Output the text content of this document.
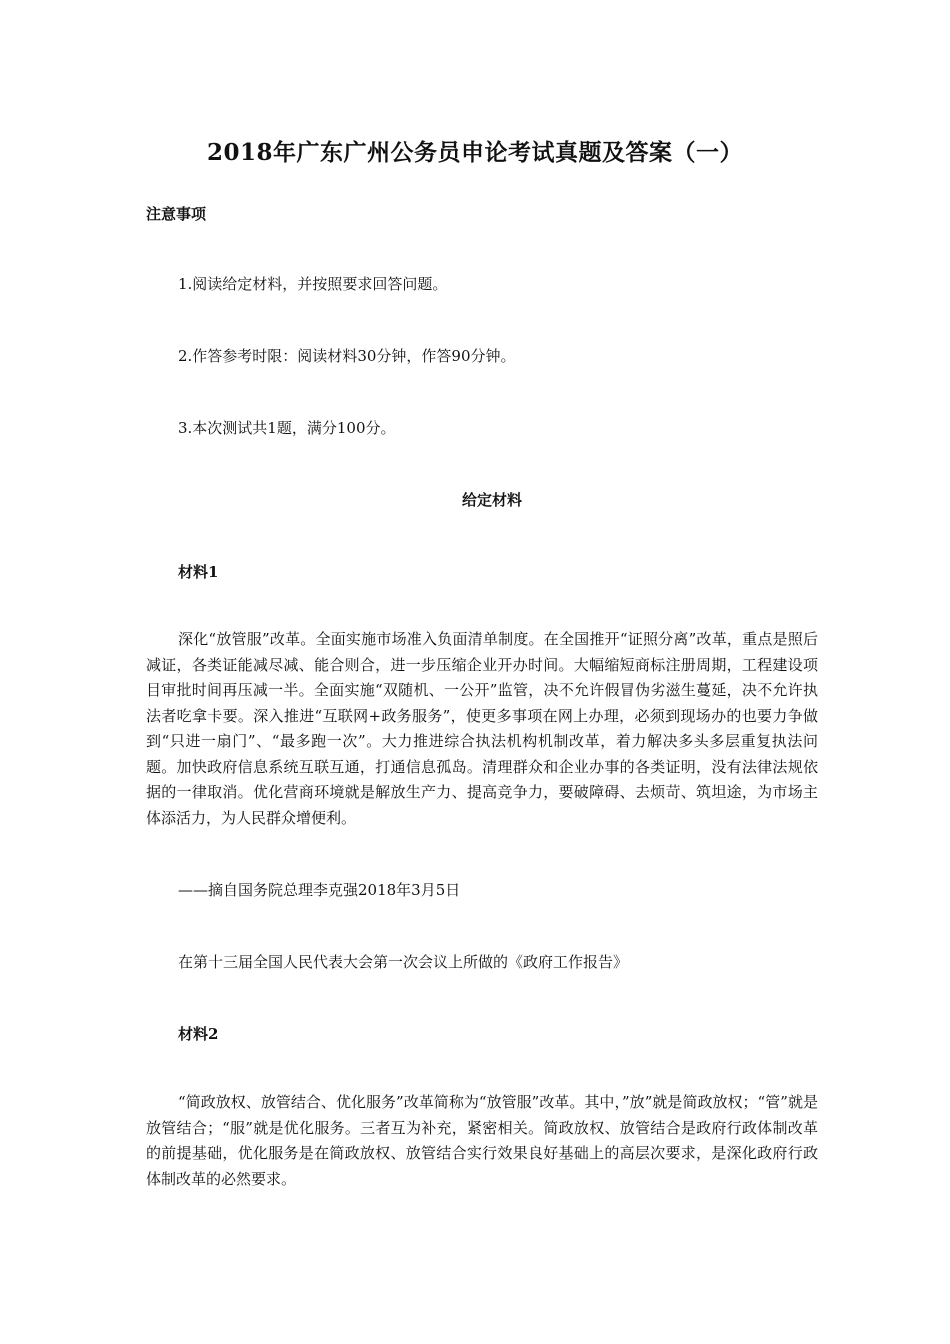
2018年广东广州公务员申论考试真题及答案（一）
注意事项
1.阅读给定材料，并按照要求回答问题。
2.作答参考时限：阅读材料30分钟，作答90分钟。
3.本次测试共1题，满分100分。
给定材料
材料1

深化“放管服”改革。全面实施市场准入负面清单制度。在全国推开“证照分离”改革，重点是照后减证，各类证能减尽减、能合则合，进一步压缩企业开办时间。大幅缩短商标注册周期，工程建设项目审批时间再压减一半。全面实施“双随机、一公开”监管，决不允许假冒伪劣滋生蔓延，决不允许执法者吃拿卡要。深入推进“互联网+政务服务”，使更多事项在网上办理，必须到现场办的也要力争做到“只进一扇门”、“最多跑一次”。大力推进综合执法机构机制改革，着力解决多头多层重复执法问题。加快政府信息系统互联互通，打通信息孤岛。清理群众和企业办事的各类证明，没有法律法规依据的一律取消。优化营商环境就是解放生产力、提高竞争力，要破障碍、去烦苛、筑坦途，为市场主体添活力，为人民群众增便利。

——摘自国务院总理李克强2018年3月5日
在第十三届全国人民代表大会第一次会议上所做的《政府工作报告》
材料2

“简政放权、放管结合、优化服务”改革简称为“放管服”改革。其中，”放”就是简政放权；“管”就是放管结合；“服”就是优化服务。三者互为补充，紧密相关。简政放权、放管结合是政府行政体制改革的前提基础，优化服务是在简政放权、放管结合实行效果良好基础上的高层次要求，是深化政府行政体制改革的必然要求。
